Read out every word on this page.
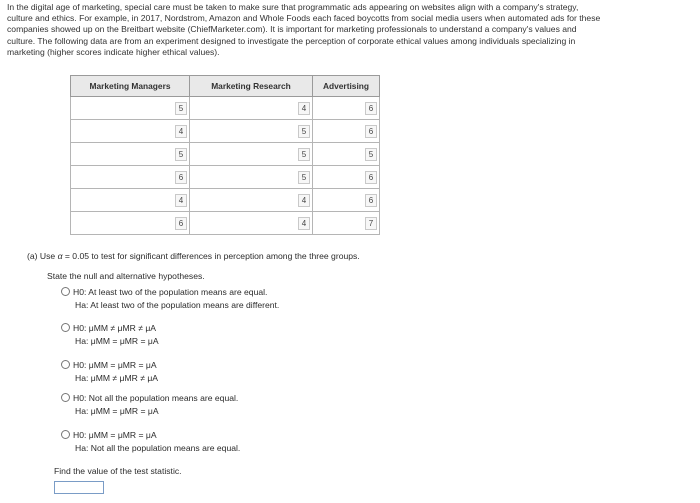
In the digital age of marketing, special care must be taken to make sure that programmatic ads appearing on websites align with a company's strategy,
culture and ethics. For example, in 2017, Nordstrom, Amazon and Whole Foods each faced boycotts from social media users when automated ads for these
companies showed up on the Breitbart website (ChiefMarketer.com). It is important for marketing professionals to understand a company's values and
culture. The following data are from an experiment designed to investigate the perception of corporate ethical values among individuals specializing in
marketing (higher scores indicate higher ethical values).
Marketing Managers	Marketing Research	Advertising
5	4	6
4	5	6
5	5	5
6	5	6
4	4	6
6	4	7
(a) Use α = 0.05 to test for significant differences in perception among the three groups.
State the null and alternative hypotheses.
H0: At least two of the population means are equal.
Ha: At least two of the population means are different.
H0: μMM ≠ μMR ≠ μA
Ha: μMM = μMR = μA
H0: μMM = μMR = μA
Ha: μMM ≠ μMR ≠ μA
H0: Not all the population means are equal.
Ha: μMM = μMR = μA
H0: μMM = μMR = μA
Ha: Not all the population means are equal.
Find the value of the test statistic.
